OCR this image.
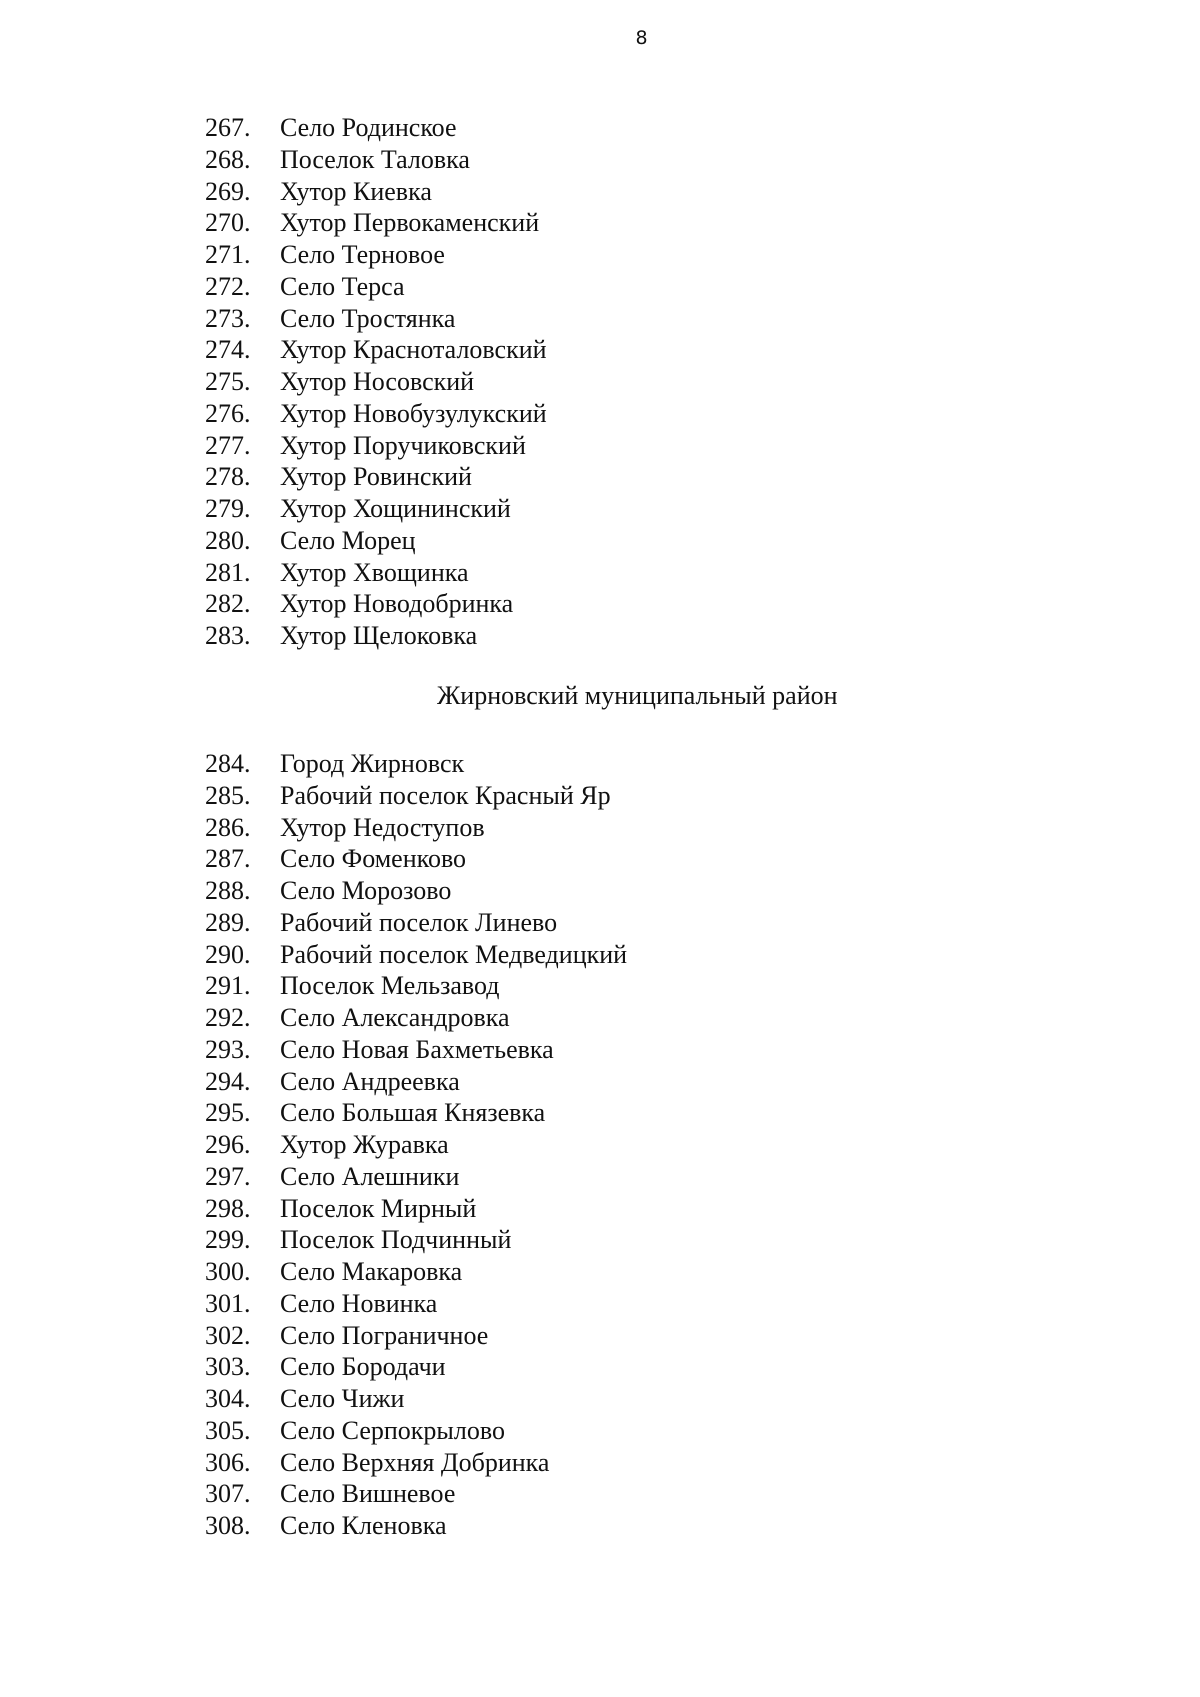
8
267.	Село Родинское
268.	Поселок Таловка
269.	Хутор Киевка
270.	Хутор Первокаменский
271.	Село Терновое
272.	Село Терса
273.	Село Тростянка
274.	Хутор Красноталовский
275.	Хутор Носовский
276.	Хутор Новобузулукский
277.	Хутор Поручиковский
278.	Хутор Ровинский
279.	Хутор Хощининский
280.	Село Морец
281.	Хутор Хвощинка
282.	Хутор Новодобринка
283.	Хутор Щелоковка
Жирновский муниципальный район
284.	Город Жирновск
285.	Рабочий поселок Красный Яр
286.	Хутор Недоступов
287.	Село Фоменково
288.	Село Морозово
289.	Рабочий поселок Линево
290.	Рабочий поселок Медведицкий
291.	Поселок Мельзавод
292.	Село Александровка
293.	Село Новая Бахметьевка
294.	Село Андреевка
295.	Село Большая Князевка
296.	Хутор Журавка
297.	Село Алешники
298.	Поселок Мирный
299.	Поселок Подчинный
300.	Село Макаровка
301.	Село Новинка
302.	Село Пограничное
303.	Село Бородачи
304.	Село Чижи
305.	Село Серпокрылово
306.	Село Верхняя Добринка
307.	Село Вишневое
308.	Село Кленовка
